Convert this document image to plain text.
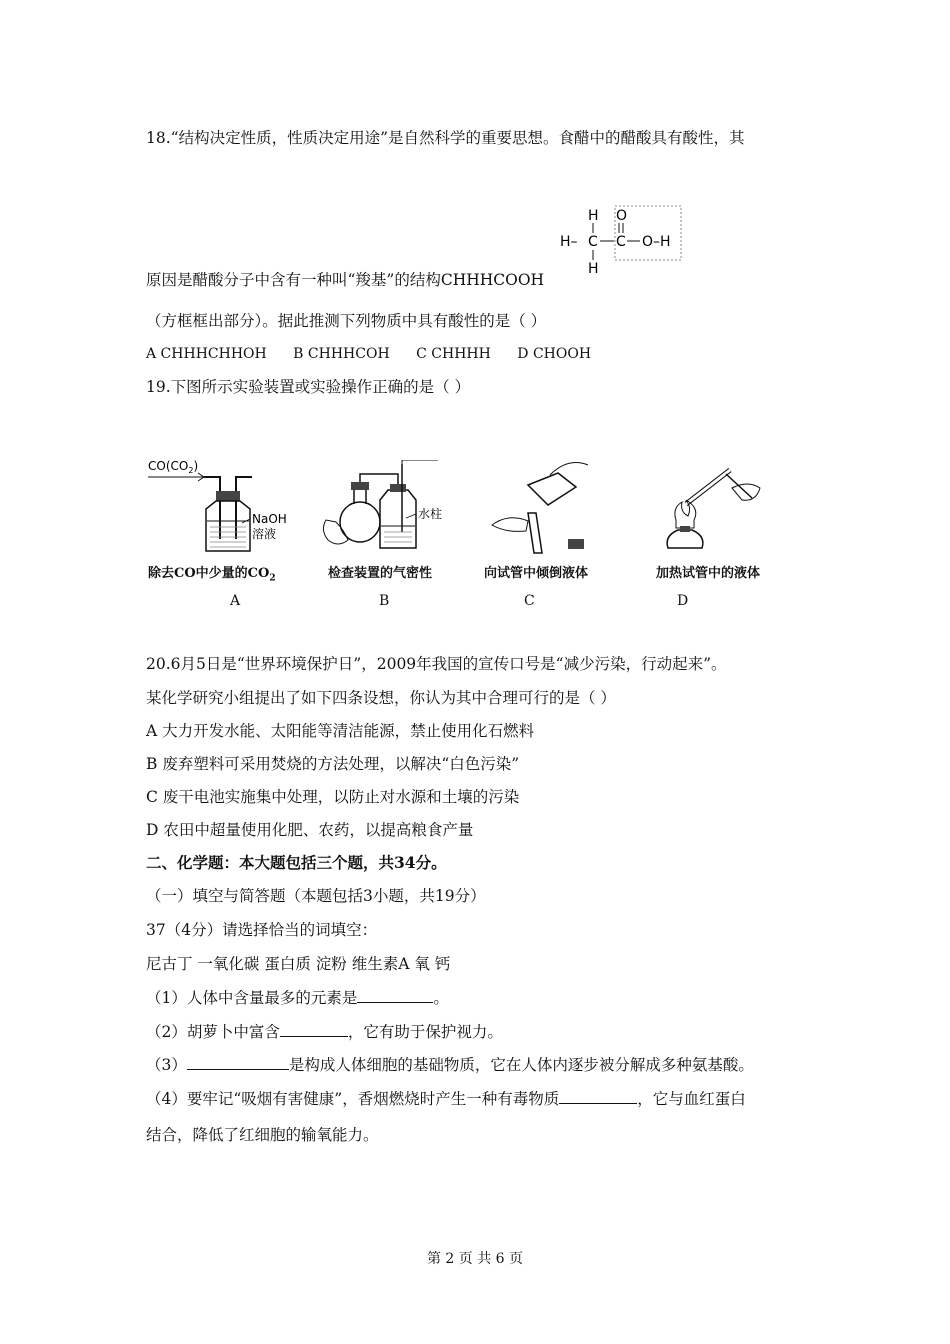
18.“结构决定性质，性质决定用途”是自然科学的重要思想。食醋中的醋酸具有酸性，其
H
H– C
H
O
C O–H
原因是醋酸分子中含有一种叫“羧基”的结构CHHHCOOH
（方框框出部分）。据此推测下列物质中具有酸性的是（ ）
A CHHHCHHOH B CHHHCOH C CHHHH D CHOOH
19.下图所示实验装置或实验操作正确的是（ ）
$CO(CO_2)$
NaOH
溶液
除去CO中少量的$CO_2$
A
水柱
检查装置的气密性
B
向试管中倾倒液体
C
加热试管中的液体
D
20.6月5日是“世界环境保护日”，2009年我国的宣传口号是“减少污染，行动起来”。
某化学研究小组提出了如下四条设想，你认为其中合理可行的是（ ）
A 大力开发水能、太阳能等清洁能源，禁止使用化石燃料
B 废弃塑料可采用焚烧的方法处理，以解决“白色污染”
C 废干电池实施集中处理，以防止对水源和土壤的污染
D 农田中超量使用化肥、农药，以提高粮食产量
二、化学题：本大题包括三个题，共34分。
（一）填空与简答题（本题包括3小题，共19分）
37（4分）请选择恰当的词填空：
尼古丁 一氧化碳 蛋白质 淀粉 维生素A 氧 钙
（1）人体中含量最多的元素是	。
（2）胡萝卜中富含	，它有助于保护视力。
（3）	是构成人体细胞的基础物质，它在人体内逐步被分解成多种氨基酸。
（4）要牢记“吸烟有害健康”，香烟燃烧时产生一种有毒物质	，它与血红蛋白
结合，降低了红细胞的输氧能力。
第 2 页 共 6 页
